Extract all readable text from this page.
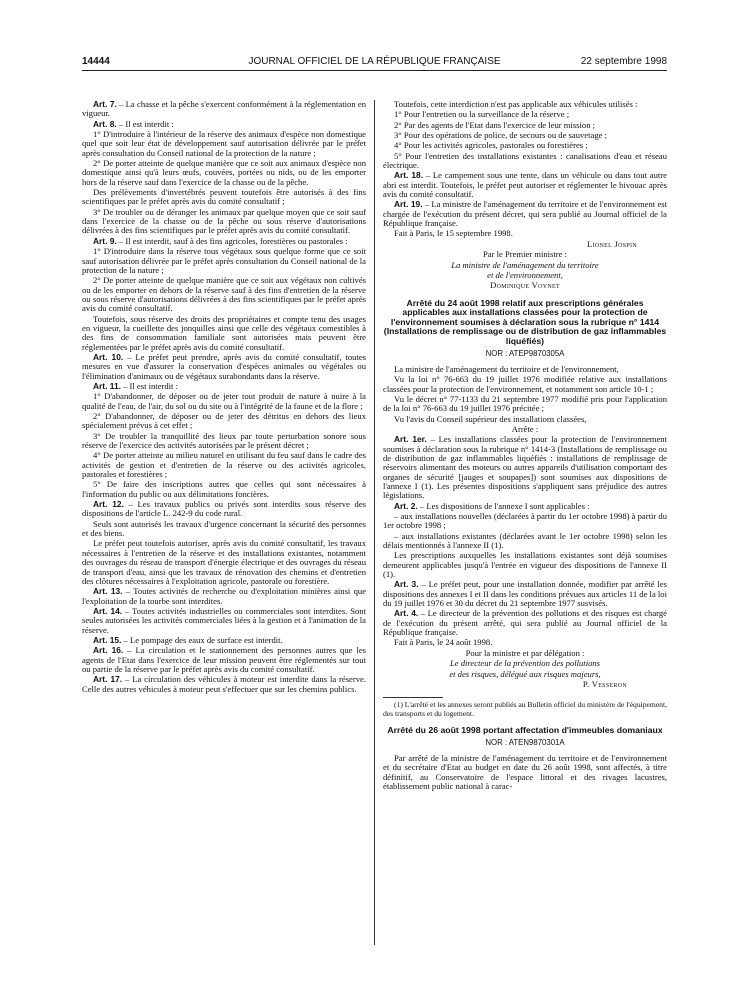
14444	JOURNAL OFFICIEL DE LA RÉPUBLIQUE FRANÇAISE	22 septembre 1998

Art. 7. – La chasse et la pêche s'exercent conformément à la réglementation en vigueur.

Art. 8. – Il est interdit :

1° D'introduire à l'intérieur de la réserve des animaux d'espèce non domestique quel que soit leur état de développement sauf autorisation délivrée par le préfet après consultation du Conseil national de la protection de la nature ;

2° De porter atteinte de quelque manière que ce soit aux animaux d'espèce non domestique ainsi qu'à leurs œufs, couvées, portées ou nids, ou de les emporter hors de la réserve sauf dans l'exercice de la chasse ou de la pêche.

Des prélèvements d'invertébrés peuvent toutefois être autorisés à des fins scientifiques par le préfet après avis du comité consultatif ;

3° De troubler ou de déranger les animaux par quelque moyen que ce soit sauf dans l'exercice de la chasse ou de la pêche ou sous réserve d'autorisations délivrées à des fins scientifiques par le préfet après avis du comité consultatif.

Art. 9. – Il est interdit, sauf à des fins agricoles, forestières ou pastorales :

1° D'introduire dans la réserve tous végétaux sous quelque forme que ce soit sauf autorisation délivrée par le préfet après consultation du Conseil national de la protection de la nature ;

2° De porter atteinte de quelque manière que ce soit aux végétaux non cultivés ou de les emporter en dehors de la réserve sauf à des fins d'entretien de la réserve ou sous réserve d'autorisations délivrées à des fins scientifiques par le préfet après avis du comité consultatif.

Toutefois, sous réserve des droits des propriétaires et compte tenu des usages en vigueur, la cueillette des jonquilles ainsi que celle des végétaux comestibles à des fins de consommation familiale sont autorisées mais peuvent être réglementées par le préfet après avis du comité consultatif.

Art. 10. – Le préfet peut prendre, après avis du comité consultatif, toutes mesures en vue d'assurer la conservation d'espèces animales ou végétales ou l'élimination d'animaux ou de végétaux surabondants dans la réserve.

Art. 11. – Il est interdit :

1° D'abandonner, de déposer ou de jeter tout produit de nature à nuire à la qualité de l'eau, de l'air, du sol ou du site ou à l'intégrité de la faune et de la flore ;

2° D'abandonner, de déposer ou de jeter des détritus en dehors des lieux spécialement prévus à cet effet ;

3° De troubler la tranquillité des lieux par toute perturbation sonore sous réserve de l'exercice des activités autorisées par le présent décret ;

4° De porter atteinte au milieu naturel en utilisant du feu sauf dans le cadre des activités de gestion et d'entretien de la réserve ou des activités agricoles, pastorales et forestières ;

5° De faire des inscriptions autres que celles qui sont nécessaires à l'information du public ou aux délimitations foncières.

Art. 12. – Les travaux publics ou privés sont interdits sous réserve des dispositions de l'article L. 242-9 du code rural.

Seuls sont autorisés les travaux d'urgence concernant la sécurité des personnes et des biens.

Le préfet peut toutefois autoriser, après avis du comité consultatif, les travaux nécessaires à l'entretien de la réserve et des installations existantes, notamment des ouvrages du réseau de transport d'énergie électrique et des ouvrages du réseau de transport d'eau, ainsi que les travaux de rénovation des chemins et d'entretien des clôtures nécessaires à l'exploitation agricole, pastorale ou forestière.

Art. 13. – Toutes activités de recherche ou d'exploitation minières ainsi que l'exploitation de la tourbe sont interdites.

Art. 14. – Toutes activités industrielles ou commerciales sont interdites. Sont seules autorisées les activités commerciales liées à la gestion et à l'animation de la réserve.

Art. 15. – Le pompage des eaux de surface est interdit.

Art. 16. – La circulation et le stationnement des personnes autres que les agents de l'Etat dans l'exercice de leur mission peuvent être réglementés sur tout ou partie de la réserve par le préfet après avis du comité consultatif.

Art. 17. – La circulation des véhicules à moteur est interdite dans la réserve. Celle des autres véhicules à moteur peut s'effectuer que sur les chemins publics.

Toutefois, cette interdiction n'est pas applicable aux véhicules utilisés :

1° Pour l'entretien ou la surveillance de la réserve ;

2° Par des agents de l'Etat dans l'exercice de leur mission ;

3° Pour des opérations de police, de secours ou de sauvetage ;

4° Pour les activités agricoles, pastorales ou forestières ;

5° Pour l'entretien des installations existantes : canalisations d'eau et réseau électrique.

Art. 18. – Le campement sous une tente, dans un véhicule ou dans tout autre abri est interdit. Toutefois, le préfet peut autoriser et réglementer le bivouac après avis du comité consultatif.

Art. 19. – La ministre de l'aménagement du territoire et de l'environnement est chargée de l'exécution du présent décret, qui sera publié au Journal officiel de la République française.

Fait à Paris, le 15 septembre 1998.

Lionel Jospin

Par le Premier ministre :

La ministre de l'aménagement du territoire

et de l'environnement,

Dominique Voynet

Arrêté du 24 août 1998 relatif aux prescriptions générales applicables aux installations classées pour la protection de l'environnement soumises à déclaration sous la rubrique n° 1414 (Installations de remplissage ou de distribution de gaz inflammables liquéfiés)

NOR : ATEP9870305A

La ministre de l'aménagement du territoire et de l'environnement,

Vu la loi n° 76-663 du 19 juillet 1976 modifiée relative aux installations classées pour la protection de l'environnement, et notamment son article 10-1 ;

Vu le décret n° 77-1133 du 21 septembre 1977 modifié pris pour l'application de la loi n° 76-663 du 19 juillet 1976 précitée ;

Vu l'avis du Conseil supérieur des installations classées,

Arrête :

Art. 1er. – Les installations classées pour la protection de l'environnement soumises à déclaration sous la rubrique n° 1414-3 (Installations de remplissage ou de distribution de gaz inflammables liquéfiés : installations de remplissage de réservoirs alimentant des moteurs ou autres appareils d'utilisation comportant des organes de sécurité [jauges et soupapes]) sont soumises aux dispositions de l'annexe I (1). Les présentes dispositions s'appliquent sans préjudice des autres législations.

Art. 2. – Les dispositions de l'annexe I sont applicables :

– aux installations nouvelles (déclarées à partir du 1er octobre 1998) à partir du 1er octobre 1998 ;

– aux installations existantes (déclarées avant le 1er octobre 1998) selon les délais mentionnés à l'annexe II (1).

Les prescriptions auxquelles les installations existantes sont déjà soumises demeurent applicables jusqu'à l'entrée en vigueur des dispositions de l'annexe II (1).

Art. 3. – Le préfet peut, pour une installation donnée, modifier par arrêté les dispositions des annexes I et II dans les conditions prévues aux articles 11 de la loi du 19 juillet 1976 et 30 du décret du 21 septembre 1977 susvisés.

Art. 4. – Le directeur de la prévention des pollutions et des risques est chargé de l'exécution du présent arrêté, qui sera publié au Journal officiel de la République française.

Fait à Paris, le 24 août 1998.

Pour la ministre et par délégation :

Le directeur de la prévention des pollutions

et des risques, délégué aux risques majeurs,

P. Vesseron

(1) L'arrêté et les annexes seront publiés au Bulletin officiel du ministère de l'équipement, des transports et du logement.

Arrêté du 26 août 1998 portant affectation d'immeubles domaniaux

NOR : ATEN9870301A

Par arrêté de la ministre de l'aménagement du territoire et de l'environnement et du secrétaire d'Etat au budget en date du 26 août 1998, sont affectés, à titre définitif, au Conservatoire de l'espace littoral et des rivages lacustres, établissement public national à carac-
